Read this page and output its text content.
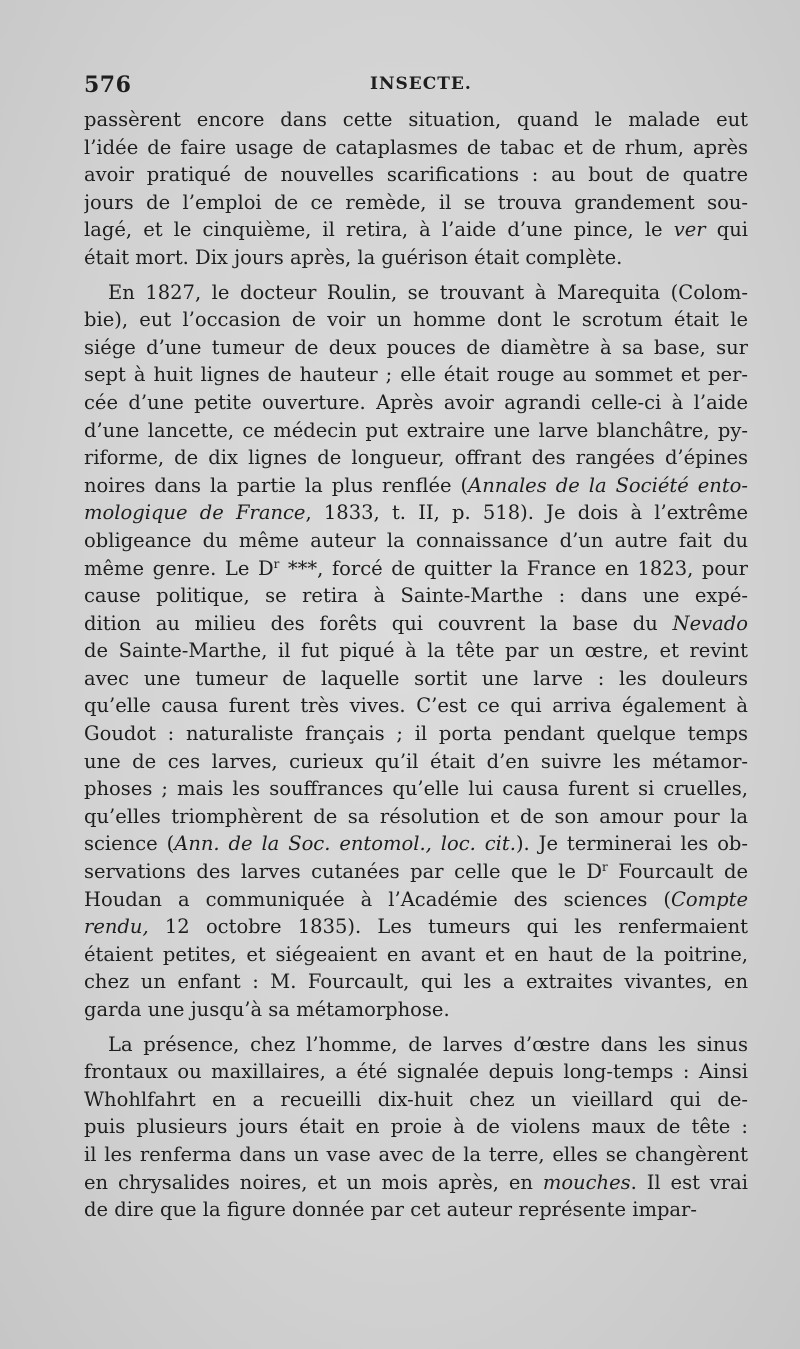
576	INSECTE.
passèrent encore dans cette situation, quand le malade eut
l’idée de faire usage de cataplasmes de tabac et de rhum, après
avoir pratiqué de nouvelles scarifications : au bout de quatre
jours de l’emploi de ce remède, il se trouva grandement sou-
lagé, et le cinquième, il retira, à l’aide d’une pince, le ver qui
était mort. Dix jours après, la guérison était complète.
En 1827, le docteur Roulin, se trouvant à Marequita (Colom-
bie), eut l’occasion de voir un homme dont le scrotum était le
siége d’une tumeur de deux pouces de diamètre à sa base, sur
sept à huit lignes de hauteur ; elle était rouge au sommet et per-
cée d’une petite ouverture. Après avoir agrandi celle-ci à l’aide
d’une lancette, ce médecin put extraire une larve blanchâtre, py-
riforme, de dix lignes de longueur, offrant des rangées d’épines
noires dans la partie la plus renflée (Annales de la Société ento-
mologique de France, 1833, t. II, p. 518). Je dois à l’extrême
obligeance du même auteur la connaissance d’un autre fait du
même genre. Le $D^r$ ***, forcé de quitter la France en 1823, pour
cause politique, se retira à Sainte-Marthe : dans une expé-
dition au milieu des forêts qui couvrent la base du Nevado
de Sainte-Marthe, il fut piqué à la tête par un œstre, et revint
avec une tumeur de laquelle sortit une larve : les douleurs
qu’elle causa furent très vives. C’est ce qui arriva également à
Goudot : naturaliste français ; il porta pendant quelque temps
une de ces larves, curieux qu’il était d’en suivre les métamor-
phoses ; mais les souffrances qu’elle lui causa furent si cruelles,
qu’elles triomphèrent de sa résolution et de son amour pour la
science (Ann. de la Soc. entomol., loc. cit.). Je terminerai les ob-
servations des larves cutanées par celle que le $D^r$ Fourcault de
Houdan a communiquée à l’Académie des sciences (Compte
rendu, 12 octobre 1835). Les tumeurs qui les renfermaient
étaient petites, et siégeaient en avant et en haut de la poitrine,
chez un enfant : M. Fourcault, qui les a extraites vivantes, en
garda une jusqu’à sa métamorphose.
La présence, chez l’homme, de larves d’œstre dans les sinus
frontaux ou maxillaires, a été signalée depuis long-temps : Ainsi
Whohlfahrt en a recueilli dix-huit chez un vieillard qui de-
puis plusieurs jours était en proie à de violens maux de tête :
il les renferma dans un vase avec de la terre, elles se changèrent
en chrysalides noires, et un mois après, en mouches. Il est vrai
de dire que la figure donnée par cet auteur représente impar-
